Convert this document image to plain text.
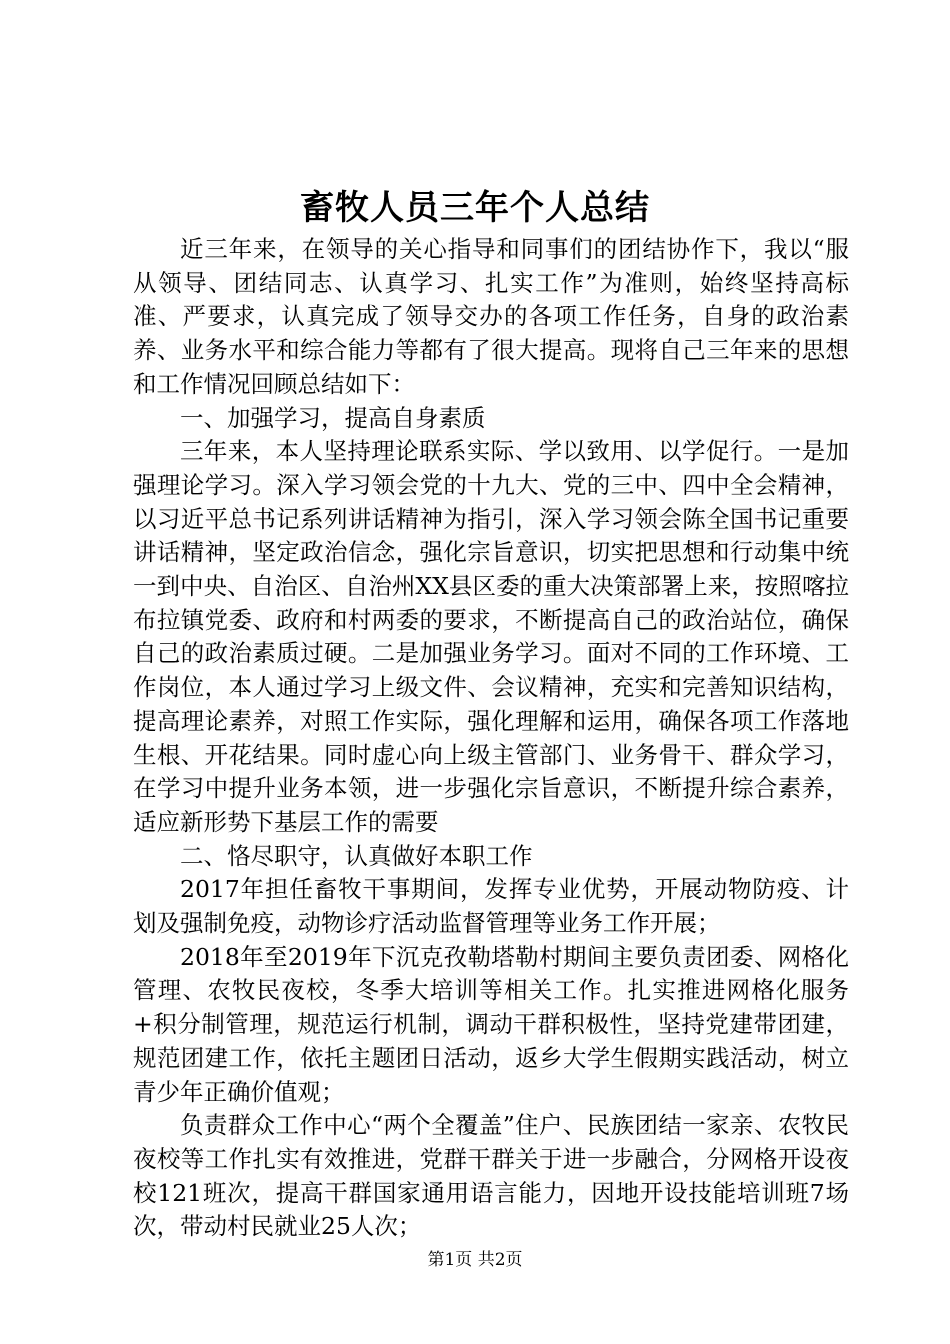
畜牧人员三年个人总结

近三年来，在领导的关心指导和同事们的团结协作下，我以“服从领导、团结同志、认真学习、扎实工作”为准则，始终坚持高标准、严要求，认真完成了领导交办的各项工作任务，自身的政治素养、业务水平和综合能力等都有了很大提高。现将自己三年来的思想和工作情况回顾总结如下：

一、加强学习，提高自身素质

三年来，本人坚持理论联系实际、学以致用、以学促行。一是加强理论学习。深入学习领会党的十九大、党的三中、四中全会精神，以习近平总书记系列讲话精神为指引，深入学习领会陈全国书记重要讲话精神，坚定政治信念，强化宗旨意识，切实把思想和行动集中统一到中央、自治区、自治州XX县区委的重大决策部署上来，按照喀拉布拉镇党委、政府和村两委的要求，不断提高自己的政治站位，确保自己的政治素质过硬。二是加强业务学习。面对不同的工作环境、工作岗位，本人通过学习上级文件、会议精神，充实和完善知识结构，提高理论素养，对照工作实际，强化理解和运用，确保各项工作落地生根、开花结果。同时虚心向上级主管部门、业务骨干、群众学习，在学习中提升业务本领，进一步强化宗旨意识，不断提升综合素养，适应新形势下基层工作的需要

二、恪尽职守，认真做好本职工作

2017年担任畜牧干事期间，发挥专业优势，开展动物防疫、计划及强制免疫，动物诊疗活动监督管理等业务工作开展；

2018年至2019年下沉克孜勒塔勒村期间主要负责团委、网格化管理、农牧民夜校，冬季大培训等相关工作。扎实推进网格化服务+积分制管理，规范运行机制，调动干群积极性，坚持党建带团建，规范团建工作，依托主题团日活动，返乡大学生假期实践活动，树立青少年正确价值观；

负责群众工作中心“两个全覆盖”住户、民族团结一家亲、农牧民夜校等工作扎实有效推进，党群干群关于进一步融合，分网格开设夜校121班次，提高干群国家通用语言能力，因地开设技能培训班7场次，带动村民就业25人次；

第1页 共2页
